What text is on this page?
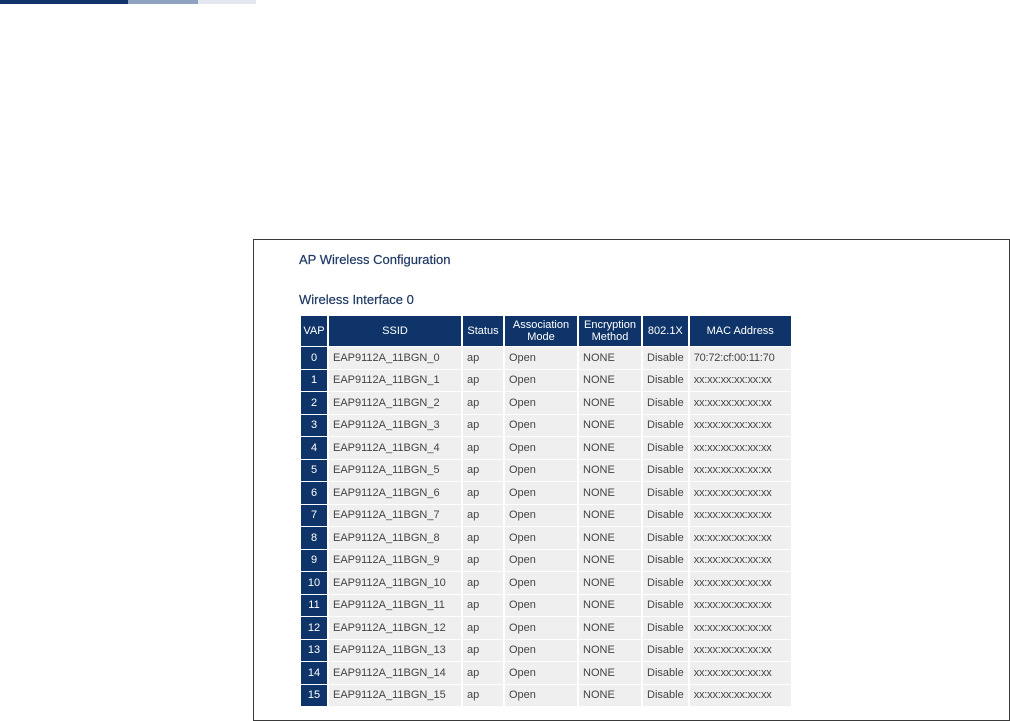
AP Wireless Configuration
Wireless Interface 0
VAP	SSID	Status	Association Mode	Encryption Method	802.1X	MAC Address
0	EAP9112A_11BGN_0	ap	Open	NONE	Disable	70:72:cf:00:11:70
1	EAP9112A_11BGN_1	ap	Open	NONE	Disable	xx:xx:xx:xx:xx:xx
2	EAP9112A_11BGN_2	ap	Open	NONE	Disable	xx:xx:xx:xx:xx:xx
3	EAP9112A_11BGN_3	ap	Open	NONE	Disable	xx:xx:xx:xx:xx:xx
4	EAP9112A_11BGN_4	ap	Open	NONE	Disable	xx:xx:xx:xx:xx:xx
5	EAP9112A_11BGN_5	ap	Open	NONE	Disable	xx:xx:xx:xx:xx:xx
6	EAP9112A_11BGN_6	ap	Open	NONE	Disable	xx:xx:xx:xx:xx:xx
7	EAP9112A_11BGN_7	ap	Open	NONE	Disable	xx:xx:xx:xx:xx:xx
8	EAP9112A_11BGN_8	ap	Open	NONE	Disable	xx:xx:xx:xx:xx:xx
9	EAP9112A_11BGN_9	ap	Open	NONE	Disable	xx:xx:xx:xx:xx:xx
10	EAP9112A_11BGN_10	ap	Open	NONE	Disable	xx:xx:xx:xx:xx:xx
11	EAP9112A_11BGN_11	ap	Open	NONE	Disable	xx:xx:xx:xx:xx:xx
12	EAP9112A_11BGN_12	ap	Open	NONE	Disable	xx:xx:xx:xx:xx:xx
13	EAP9112A_11BGN_13	ap	Open	NONE	Disable	xx:xx:xx:xx:xx:xx
14	EAP9112A_11BGN_14	ap	Open	NONE	Disable	xx:xx:xx:xx:xx:xx
15	EAP9112A_11BGN_15	ap	Open	NONE	Disable	xx:xx:xx:xx:xx:xx
